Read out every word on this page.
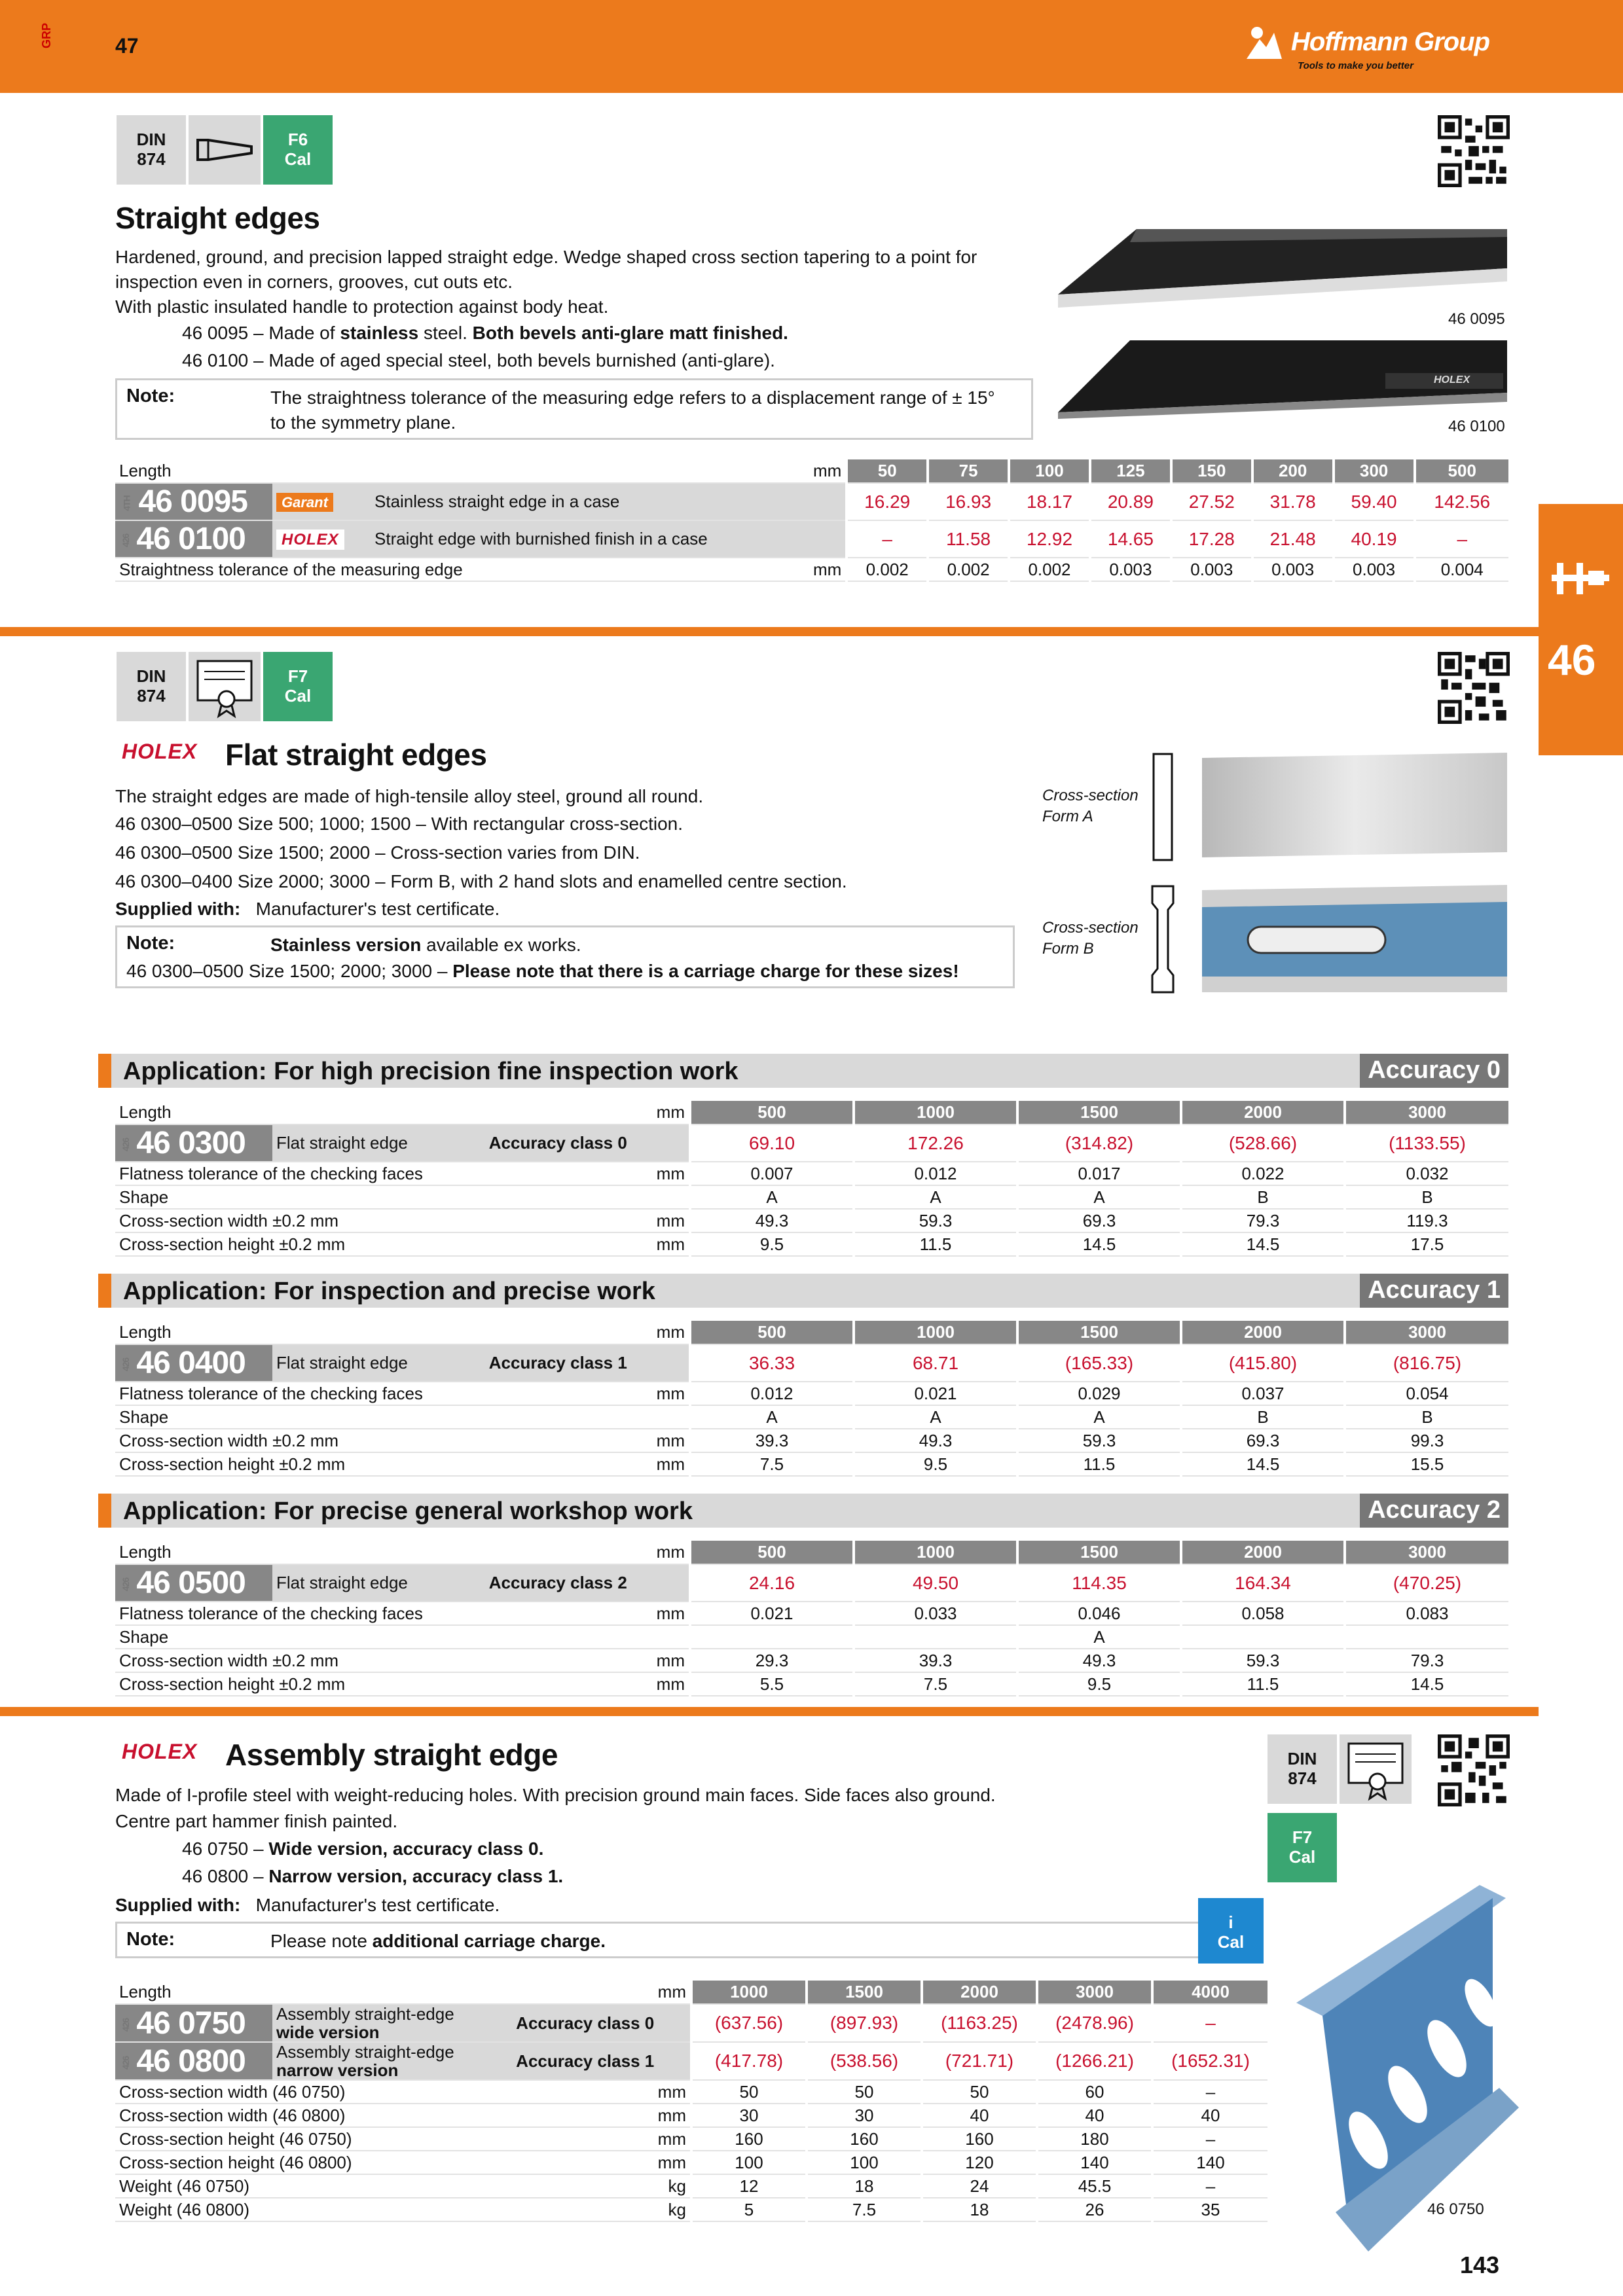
GRP	47	Hoffmann Group
Tools to make you better
46
DIN
874
F6
Cal
Straight edges
Hardened, ground, and precision lapped straight edge. Wedge shaped cross section tapering to a point for
inspection even in corners, grooves, cut outs etc.
With plastic insulated handle to protection against body heat.
46 0095 – Made of stainless steel. Both bevels anti-glare matt finished.
46 0100 – Made of aged special steel, both bevels burnished (anti-glare).
Note:	The straightness tolerance of the measuring edge refers to a displacement range of ± 15°
to the symmetry plane.
46 0095
HOLEX
46 0100
Length			mm	50	75	100	125	150	200	300	500
4TH 46 0095	Garant	Stainless straight edge in a case		16.29	16.93	18.17	20.89	27.52	31.78	59.40	142.56
426 46 0100	HOLEX	Straight edge with burnished finish in a case		–	11.58	12.92	14.65	17.28	21.48	40.19	–
Straightness tolerance of the measuring edge			mm	0.002	0.002	0.002	0.003	0.003	0.003	0.003	0.004
DIN
874
F7
Cal
HOLEX Flat straight edges
The straight edges are made of high-tensile alloy steel, ground all round.
46 0300–0500 Size 500; 1000; 1500 – With rectangular cross-section.
46 0300–0500 Size 1500; 2000 – Cross-section varies from DIN.
46 0300–0400 Size 2000; 3000 – Form B, with 2 hand slots and enamelled centre section.
Supplied with: Manufacturer's test certificate.
Note:	Stainless version available ex works.
46 0300–0500 Size 1500; 2000; 3000 – Please note that there is a carriage charge for these sizes!
Cross-section
Form A
Cross-section
Form B
Application: For high precision fine inspection work	Accuracy 0
Length			mm	500	1000	1500	2000	3000
426 46 0300	Flat straight edge	Accuracy class 0		69.10	172.26	(314.82)	(528.66)	(1133.55)
Flatness tolerance of the checking faces			mm	0.007	0.012	0.017	0.022	0.032
Shape				A	A	A	B	B
Cross-section width ±0.2 mm			mm	49.3	59.3	69.3	79.3	119.3
Cross-section height ±0.2 mm			mm	9.5	11.5	14.5	14.5	17.5
Application: For inspection and precise work	Accuracy 1
Length			mm	500	1000	1500	2000	3000
426 46 0400	Flat straight edge	Accuracy class 1		36.33	68.71	(165.33)	(415.80)	(816.75)
Flatness tolerance of the checking faces			mm	0.012	0.021	0.029	0.037	0.054
Shape				A	A	A	B	B
Cross-section width ±0.2 mm			mm	39.3	49.3	59.3	69.3	99.3
Cross-section height ±0.2 mm			mm	7.5	9.5	11.5	14.5	15.5
Application: For precise general workshop work	Accuracy 2
Length			mm	500	1000	1500	2000	3000
426 46 0500	Flat straight edge	Accuracy class 2		24.16	49.50	114.35	164.34	(470.25)
Flatness tolerance of the checking faces			mm	0.021	0.033	0.046	0.058	0.083
Shape						A		
Cross-section width ±0.2 mm			mm	29.3	39.3	49.3	59.3	79.3
Cross-section height ±0.2 mm			mm	5.5	7.5	9.5	11.5	14.5
HOLEX Assembly straight edge
Made of I-profile steel with weight-reducing holes. With precision ground main faces. Side faces also ground.
Centre part hammer finish painted.
46 0750 – Wide version, accuracy class 0.
46 0800 – Narrow version, accuracy class 1.
Supplied with: Manufacturer's test certificate.
Note:	Please note additional carriage charge.
DIN
874
F7
Cal
i
Cal
46 0750
Length			mm	1000	1500	2000	3000	4000
426 46 0750	Assembly straight-edge
wide version	Accuracy class 0		(637.56)	(897.93)	(1163.25)	(2478.96)	–
426 46 0800	Assembly straight-edge
narrow version	Accuracy class 1		(417.78)	(538.56)	(721.71)	(1266.21)	(1652.31)
Cross-section width (46 0750)			mm	50	50	50	60	–
Cross-section width (46 0800)			mm	30	30	40	40	40
Cross-section height (46 0750)			mm	160	160	160	180	–
Cross-section height (46 0800)			mm	100	100	120	140	140
Weight (46 0750)			kg	12	18	24	45.5	–
Weight (46 0800)			kg	5	7.5	18	26	35
143
